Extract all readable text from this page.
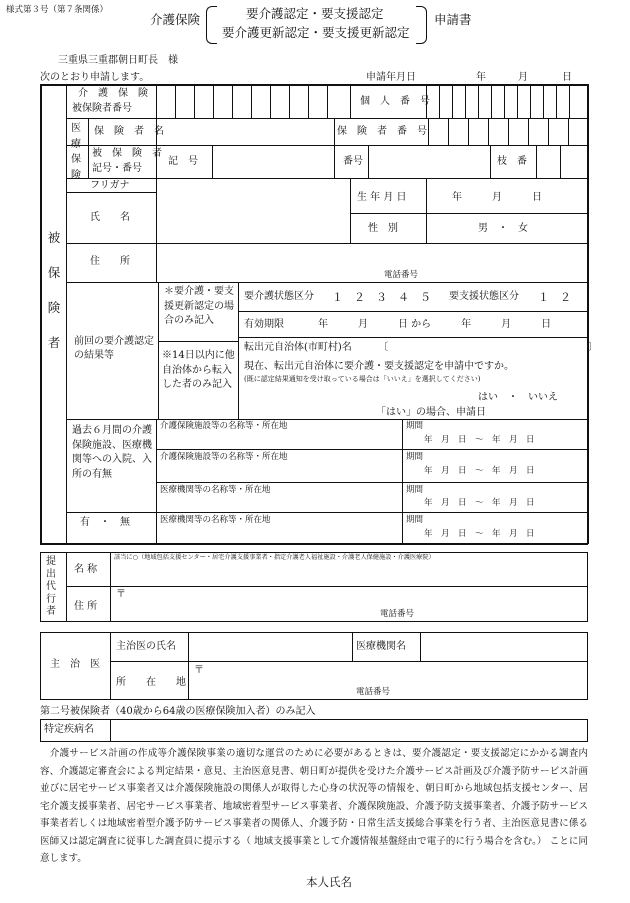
様式第３号（第７条関係）
介護保険	要介護認定・要支援認定
要介護更新認定・要支援更新認定
申請書
三重県三重郡朝日町長　様
次のとおり申請します。	申請年月日	年	月	日
被保険者
介　護　保　険
被保険者番号
個　人　番　号
医療保険
保　険　者　名	保　険　者　番　号
被　保　険　者
記号・番号
記　号	番号	枝　番
フリガナ
氏　　名
生 年 月 日	年　　　月　　　日
性　別	男　・　女
住　　所
電話番号
前回の要介護認定の結果等
＊要介護・要支援更新認定の場合のみ記入
要介護状態区分 １　２　３　４　５ 要支援状態区分 １　２
有効期限	年　　　月　　　日 から　　　年　　　月　　　日
※14日以内に他自治体から転入した者のみ記入
転出元自治体(市町村)名	〔　　　　　　　　　　　　　　　　　　　　〕
現在、転出元自治体に要介護・要支援認定を申請中ですか。
(既に認定結果通知を受け取っている場合は「いいえ」を選択してください)
はい　・　いいえ
「はい」の場合、申請日
過去６月間の介護保険施設、医療機関等への入院、入所の有無
有　・　無
介護保険施設等の名称等・所在地	期間
年　月　日　～　年　月　日
介護保険施設等の名称等・所在地	期間
年　月　日　～　年　月　日
医療機関等の名称等・所在地	期間
年　月　日　～　年　月　日
医療機関等の名称等・所在地	期間
年　月　日　～　年　月　日
提出代行者
名 称
該当に○（地域包括支援センター・居宅介護支援事業者・指定介護老人福祉施設・介護老人保健施設・介護医療院）
住 所
〒
電話番号
主　治　医
主治医の氏名	医療機関名
所　　在　　地
〒
電話番号
第二号被保険者（40歳から64歳の医療保険加入者）のみ記入
特定疾病名
　介護サービス計画の作成等介護保険事業の適切な運営のために必要があるときは、要介護認定・要支援認定にかかる調査内容、介護認定審査会による判定結果・意見、主治医意見書、朝日町が提供を受けた介護サービス計画及び介護予防サービス計画並びに居宅サービス事業者又は介護保険施設の関係人が取得した心身の状況等の情報を、朝日町から地域包括支援センター、居宅介護支援事業者、居宅サービス事業者、地域密着型サービス事業者、介護保険施設、介護予防支援事業者、介護予防サービス事業者若しくは地域密着型介護予防サービス事業者の関係人、介護予防・日常生活支援総合事業を行う者、主治医意見書に係る医師又は認定調査に従事した調査員に提示する（ 地域支援事業として介護情報基盤経由で電子的に行う場合を含む。） ことに同意します。
本人氏名
